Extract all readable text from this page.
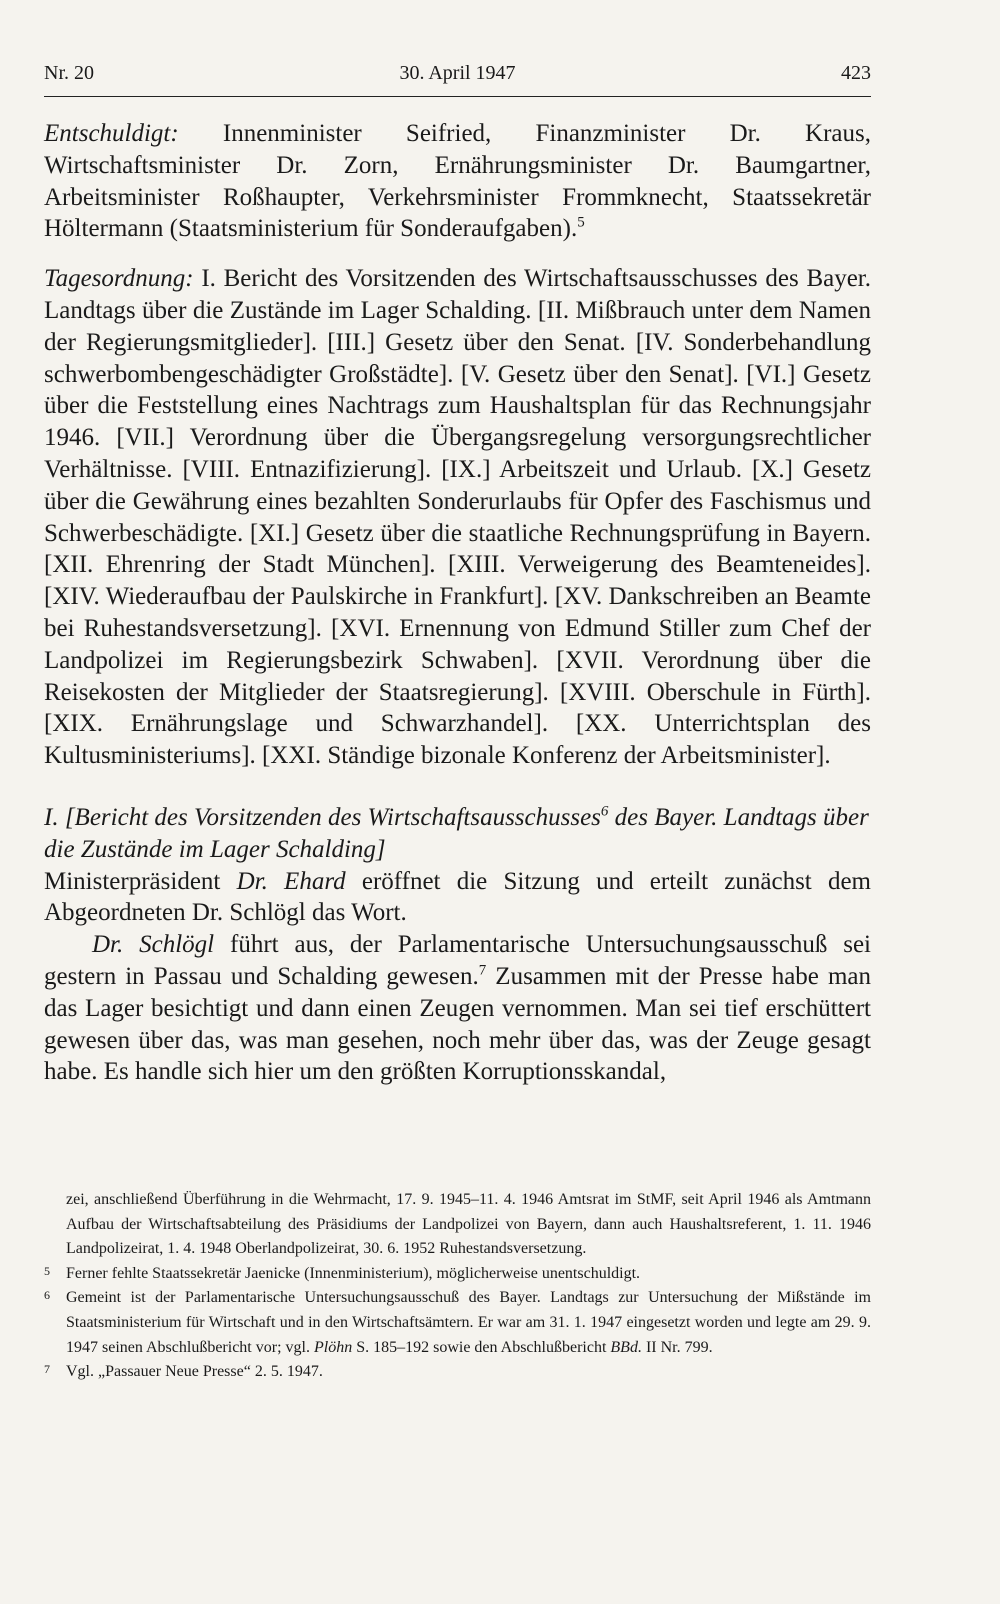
Nr. 20	30. April 1947	423

Entschuldigt: Innenminister Seifried, Finanzminister Dr. Kraus, Wirtschaftsminister Dr. Zorn, Ernährungsminister Dr. Baumgartner, Arbeitsminister Roßhaupter, Verkehrsminister Frommknecht, Staatssekretär Höltermann (Staatsministerium für Sonderaufgaben).$^5$

Tagesordnung: I. Bericht des Vorsitzenden des Wirtschaftsausschusses des Bayer. Landtags über die Zustände im Lager Schalding. [II. Mißbrauch unter dem Namen der Regierungsmitglieder]. [III.] Gesetz über den Senat. [IV. Sonderbehandlung schwerbombengeschädigter Großstädte]. [V. Gesetz über den Senat]. [VI.] Gesetz über die Feststellung eines Nachtrags zum Haushaltsplan für das Rechnungsjahr 1946. [VII.] Verordnung über die Übergangsregelung versorgungsrechtlicher Verhältnisse. [VIII. Entnazifizierung]. [IX.] Arbeitszeit und Urlaub. [X.] Gesetz über die Gewährung eines bezahlten Sonderurlaubs für Opfer des Faschismus und Schwerbeschädigte. [XI.] Gesetz über die staatliche Rechnungsprüfung in Bayern. [XII. Ehrenring der Stadt München]. [XIII. Verweigerung des Beamteneides]. [XIV. Wiederaufbau der Paulskirche in Frankfurt]. [XV. Dankschreiben an Beamte bei Ruhestandsversetzung]. [XVI. Ernennung von Edmund Stiller zum Chef der Landpolizei im Regierungsbezirk Schwaben]. [XVII. Verordnung über die Reisekosten der Mitglieder der Staatsregierung]. [XVIII. Oberschule in Fürth]. [XIX. Ernährungslage und Schwarzhandel]. [XX. Unterrichtsplan des Kultusministeriums]. [XXI. Ständige bizonale Konferenz der Arbeitsminister].

I. [Bericht des Vorsitzenden des Wirtschaftsausschusses$^6$ des Bayer. Landtags über die Zustände im Lager Schalding]

Ministerpräsident Dr. Ehard eröffnet die Sitzung und erteilt zunächst dem Abgeordneten Dr. Schlögl das Wort.

Dr. Schlögl führt aus, der Parlamentarische Untersuchungsausschuß sei gestern in Passau und Schalding gewesen.$^7$ Zusammen mit der Presse habe man das Lager besichtigt und dann einen Zeugen vernommen. Man sei tief erschüttert gewesen über das, was man gesehen, noch mehr über das, was der Zeuge gesagt habe. Es handle sich hier um den größten Korruptionsskandal,

zei, anschließend Überführung in die Wehrmacht, 17. 9. 1945–11. 4. 1946 Amtsrat im StMF, seit April 1946 als Amtmann Aufbau der Wirtschaftsabteilung des Präsidiums der Landpolizei von Bayern, dann auch Haushaltsreferent, 1. 11. 1946 Landpolizeirat, 1. 4. 1948 Oberlandpolizeirat, 30. 6. 1952 Ruhestandsversetzung.

5 Ferner fehlte Staatssekretär Jaenicke (Innenministerium), möglicherweise unentschuldigt.
6 Gemeint ist der Parlamentarische Untersuchungsausschuß des Bayer. Landtags zur Untersuchung der Mißstände im Staatsministerium für Wirtschaft und in den Wirtschaftsämtern. Er war am 31. 1. 1947 eingesetzt worden und legte am 29. 9. 1947 seinen Abschlußbericht vor; vgl. Plöhn S. 185–192 sowie den Abschlußbericht BBd. II Nr. 799.
7 Vgl. „Passauer Neue Presse“ 2. 5. 1947.
